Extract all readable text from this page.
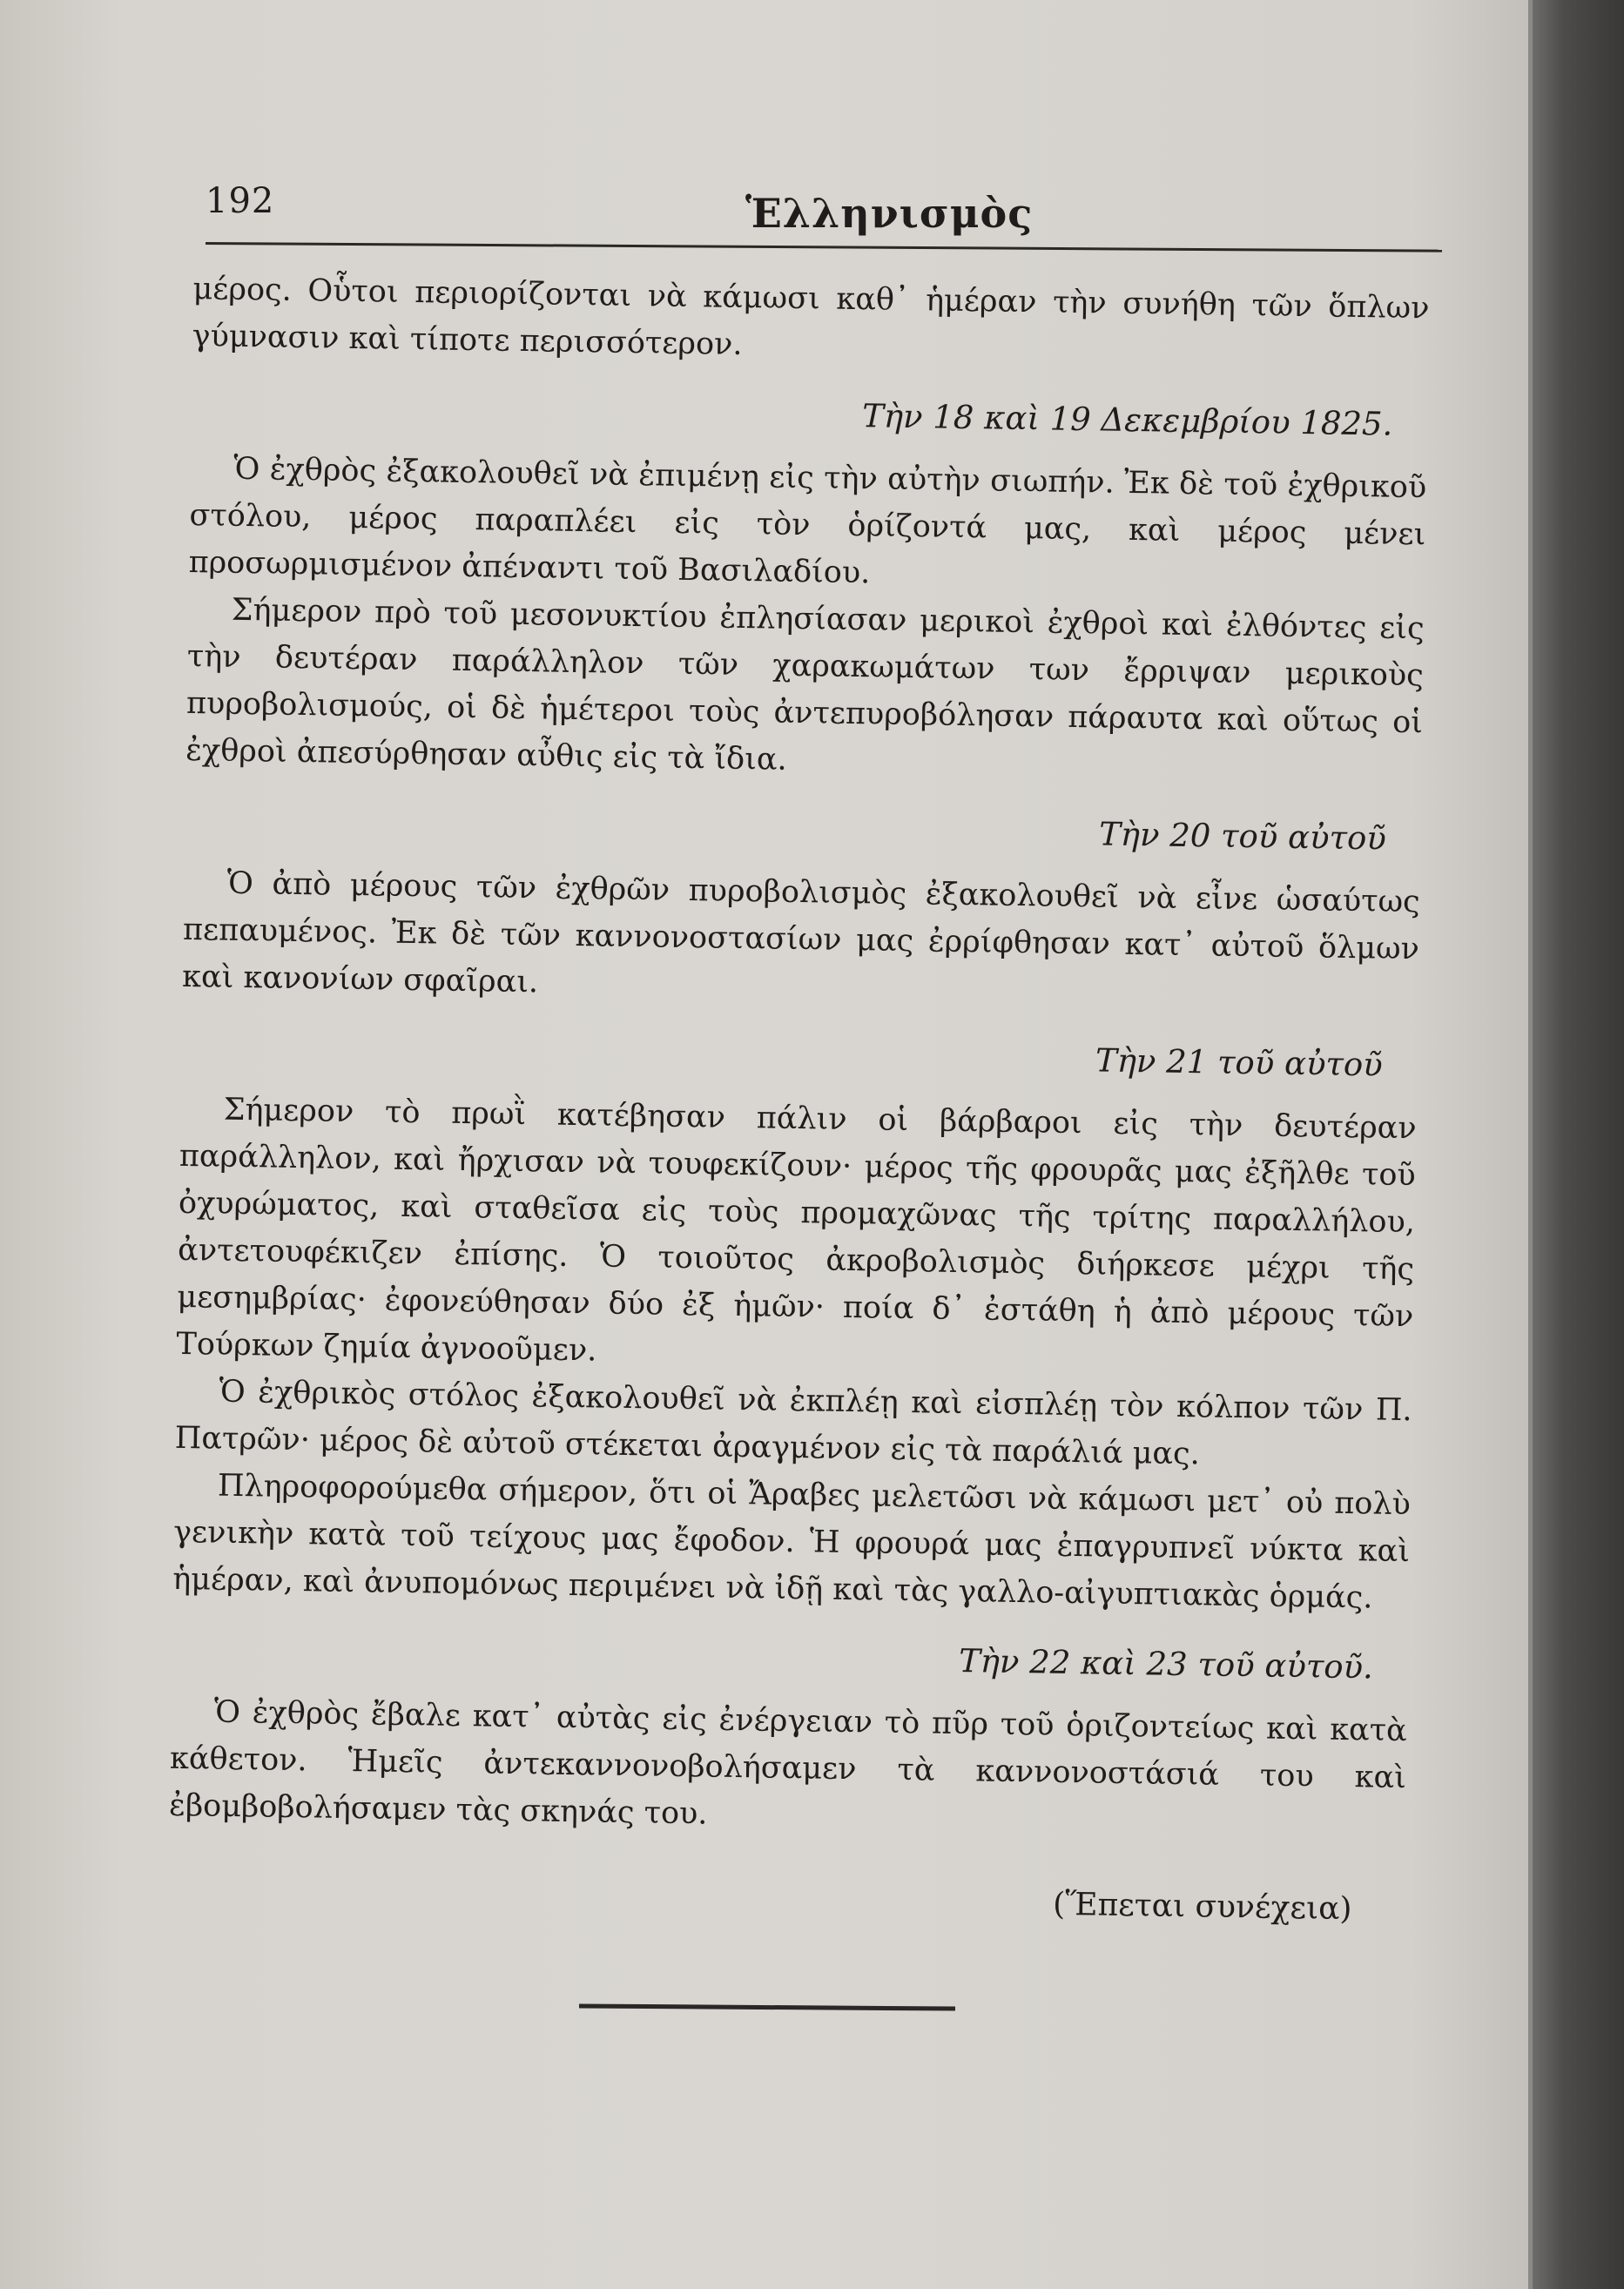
192	Ἑλληνισμὸς

μέρος. Οὗτοι περιορίζονται νὰ κάμωσι καθ᾽ ἡμέραν τὴν συνήθη τῶν ὅπλων γύμνασιν καὶ τίποτε περισσότερον.

Τὴν 18 καὶ 19 Δεκεμβρίου 1825.

Ὁ ἐχθρὸς ἐξακολουθεῖ νὰ ἐπιμένῃ εἰς τὴν αὐτὴν σιωπήν. Ἐκ δὲ τοῦ ἐχθρικοῦ στόλου, μέρος παραπλέει εἰς τὸν ὁρίζοντά μας, καὶ μέρος μένει προσωρμισμένον ἀπέναντι τοῦ Βασιλαδίου.

Σήμερον πρὸ τοῦ μεσονυκτίου ἐπλησίασαν μερικοὶ ἐχθροὶ καὶ ἐλθόντες εἰς τὴν δευτέραν παράλληλον τῶν χαρακωμάτων των ἔρριψαν μερικοὺς πυροβολισμούς, οἱ δὲ ἡμέτεροι τοὺς ἀντεπυροβόλησαν πάραυτα καὶ οὕτως οἱ ἐχθροὶ ἀπεσύρθησαν αὖθις εἰς τὰ ἴδια.

Τὴν 20 τοῦ αὐτοῦ

Ὁ ἀπὸ μέρους τῶν ἐχθρῶν πυροβολισμὸς ἐξακολουθεῖ νὰ εἶνε ὡσαύτως πεπαυμένος. Ἐκ δὲ τῶν καννονοστασίων μας ἐρρίφθησαν κατ᾽ αὐτοῦ ὅλμων καὶ κανονίων σφαῖραι.

Τὴν 21 τοῦ αὐτοῦ

Σήμερον τὸ πρωῒ κατέβησαν πάλιν οἱ βάρβαροι εἰς τὴν δευτέραν παράλληλον, καὶ ἤρχισαν νὰ τουφεκίζουν· μέρος τῆς φρουρᾶς μας ἐξῆλθε τοῦ ὀχυρώματος, καὶ σταθεῖσα εἰς τοὺς προμαχῶνας τῆς τρίτης παραλλήλου, ἀντετουφέκιζεν ἐπίσης. Ὁ τοιοῦτος ἀκροβολισμὸς διήρκεσε μέχρι τῆς μεσημβρίας· ἐφονεύθησαν δύο ἐξ ἡμῶν· ποία δ᾽ ἐστάθη ἡ ἀπὸ μέρους τῶν Τούρκων ζημία ἀγνοοῦμεν.

Ὁ ἐχθρικὸς στόλος ἐξακολουθεῖ νὰ ἐκπλέῃ καὶ εἰσπλέῃ τὸν κόλπον τῶν Π. Πατρῶν· μέρος δὲ αὐτοῦ στέκεται ἀραγμένον εἰς τὰ παράλιά μας.

Πληροφορούμεθα σήμερον, ὅτι οἱ Ἄραβες μελετῶσι νὰ κάμωσι μετ᾽ οὐ πολὺ γενικὴν κατὰ τοῦ τείχους μας ἔφοδον. Ἡ φρουρά μας ἐπαγρυπνεῖ νύκτα καὶ ἡμέραν, καὶ ἀνυπομόνως περιμένει νὰ ἰδῇ καὶ τὰς γαλλο-αἰγυπτιακὰς ὁρμάς.

Τὴν 22 καὶ 23 τοῦ αὐτοῦ.

Ὁ ἐχθρὸς ἔβαλε κατ᾽ αὐτὰς εἰς ἐνέργειαν τὸ πῦρ τοῦ ὁριζοντείως καὶ κατὰ κάθετον. Ἡμεῖς ἀντεκαννονοβολήσαμεν τὰ καννονοστάσιά του καὶ ἐβομβοβολήσαμεν τὰς σκηνάς του.

(Ἕπεται συνέχεια)
